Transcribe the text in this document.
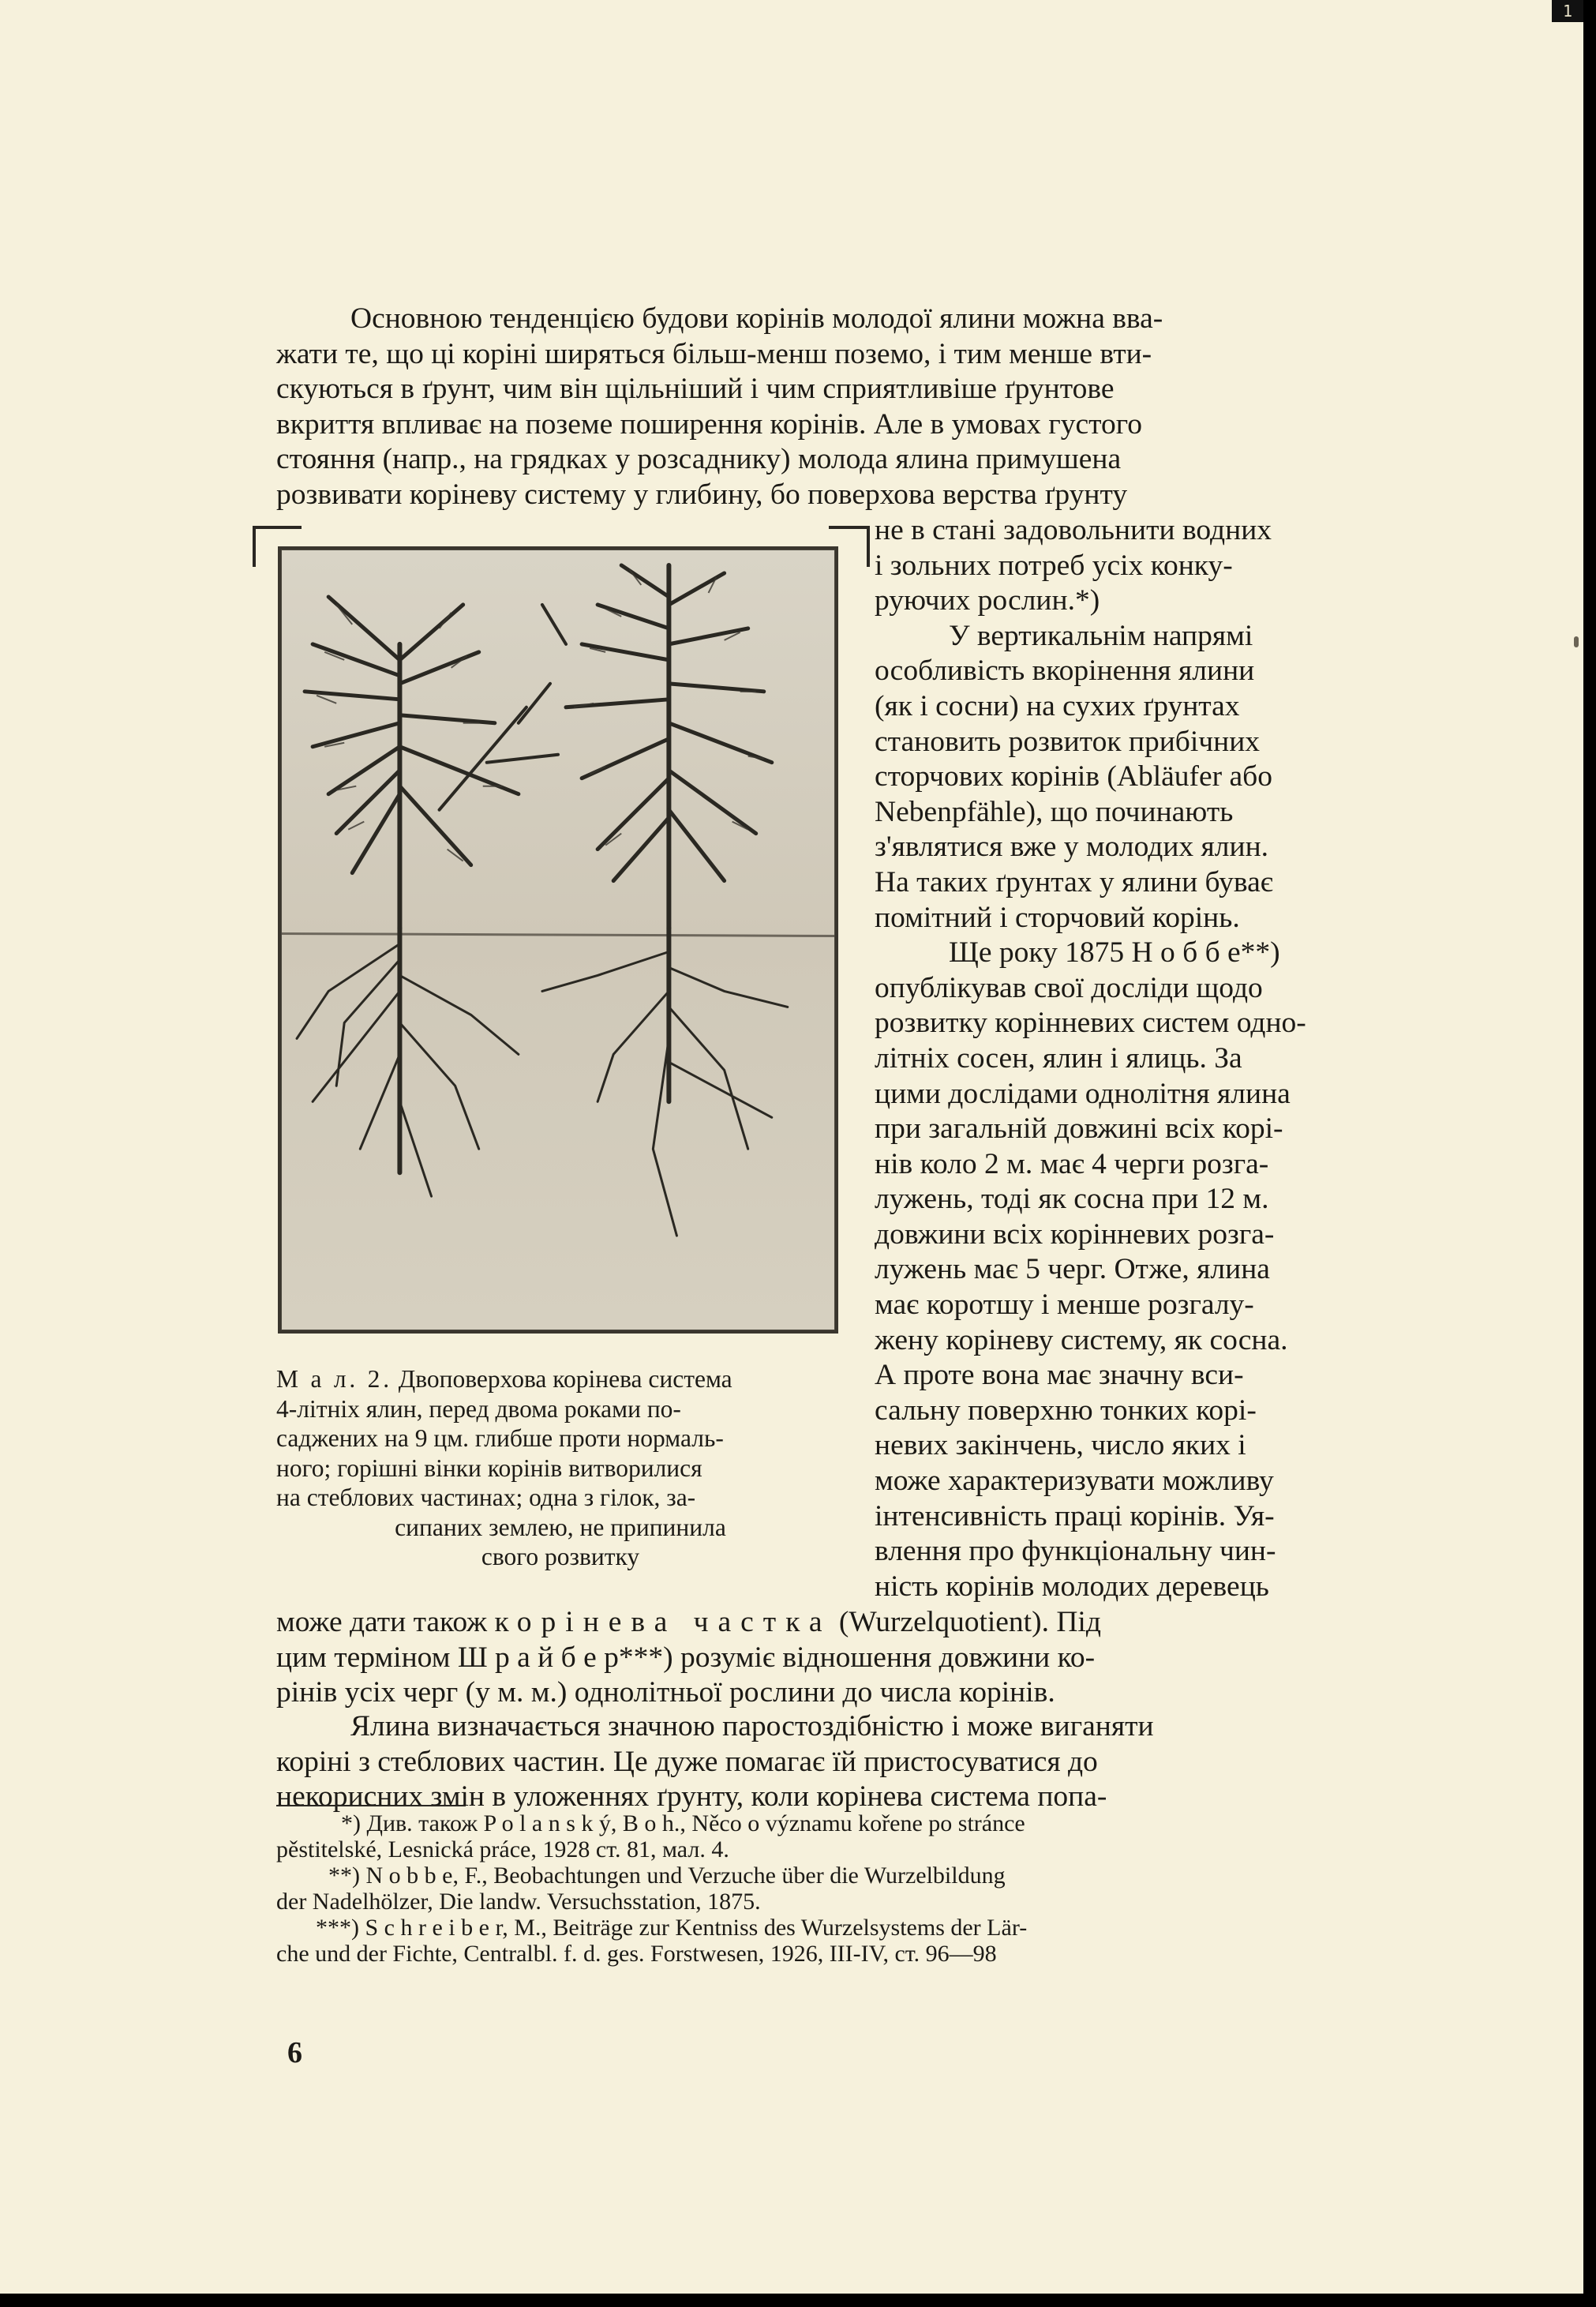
1
Основною тенденцією будови корінів молодої ялини можна вва-
жати те, що ці корінi ширяться більш-менш поземо, і тим менше вти-
скуються в ґрунт, чим він щільніший і чим сприятливіше ґрунтове
вкриття впливає на поземе поширення корінів. Але в умовах густого
стояння (напр., на грядках у розсаднику) молода ялина примушена
розвивати коріневу систему у глибину, бо поверхова верства ґрунту
не в стані задовольнити водних
і зольних потреб усіх конку-
руючих рослин.*)
У вертикальнім напрямі
особливість вкорінення ялини
(як і сосни) на сухих ґрунтах
становить розвиток прибічних
сторчових корінів (Abläufer або
Nebenpfähle), що починають
з'являтися вже у молодих ялин.
На таких ґрунтах у ялини буває
помітний і сторчовий корінь.
Ще року 1875 Н о б б е**)
опублікував свої досліди щодо
розвитку корінневих систем одно-
літніх сосен, ялин і ялиць. За
цими дослідами однолітня ялина
при загальній довжині всіх корі-
нів коло 2 м. має 4 черги розга-
лужень, тоді як сосна при 12 м.
довжини всіх корінневих розга-
лужень має 5 черг. Отже, ялина
має коротшу і менше розгалу-
жену коріневу систему, як сосна.
А проте вона має значну вси-
сальну поверхню тонких корі-
невих закінчень, число яких і
може характеризувати можливу
інтенсивність праці корінів. Уя-
влення про функціональну чин-
ність корінів молодих деревець
М а л. 2. Двоповерхова корінева система
4-літніх ялин, перед двома роками по-
саджених на 9 цм. глибше проти нормаль-
ного; горішні вінки корінів витворилися
на стеблових частинах; одна з гілок, за-
сипаних землею, не припинила
свого розвитку
може дати також корінева частка (Wurzelquotient). Під
цим терміном Ш р а й б е р***) розуміє відношення довжини ко-
рінів усіх черг (у м. м.) однолітньої рослини до числа корінів.
Ялина визначається значною паростоздібністю і може виганяти
коріні з стеблових частин. Це дуже помагає їй пристосуватися до
некорисних змін в уложеннях ґрунту, коли корінева система попа-

*) Див. також P o l a n s k ý, B o h., Něco o významu kořene po stránce

pěstitelské, Lesnická práce, 1928 ст. 81, мал. 4.

**) N o b b e, F., Beobachtungen und Verzuche über die Wurzelbildung

der Nadelhölzer, Die landw. Versuchsstation, 1875.

***) S c h r e i b e r, M., Beiträge zur Kentniss des Wurzelsystems der Lär-

che und der Fichte, Centralbl. f. d. ges. Forstwesen, 1926, III-IV, ст. 96—98

6
